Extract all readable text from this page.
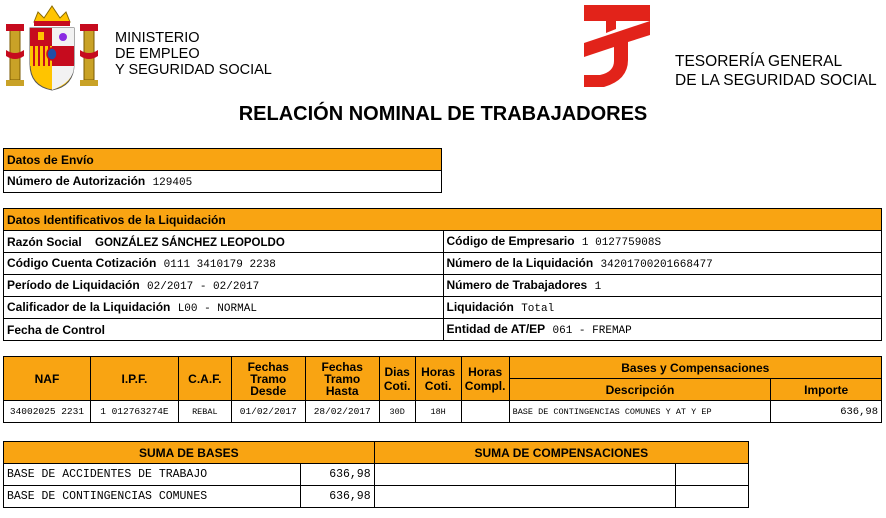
MINISTERIO
DE EMPLEO
Y SEGURIDAD SOCIAL	TESORERÍA GENERAL
DE LA SEGURIDAD SOCIAL
RELACIÓN NOMINAL DE TRABAJADORES
Datos de Envío
Número de Autorización 129405
Datos Identificativos de la Liquidación	
Razón Social GONZÁLEZ SÁNCHEZ LEOPOLDO	Código de Empresario 1 012775908S
Código Cuenta Cotización 0111 3410179 2238	Número de la Liquidación 34201700201668477
Período de Liquidación 02/2017 - 02/2017	Número de Trabajadores 1
Calificador de la Liquidación L00 - NORMAL	Liquidación Total
Fecha de Control	Entidad de AT/EP 061 - FREMAP
NAF	I.P.F.	C.A.F.	Fechas
Tramo
Desde	Fechas
Tramo
Hasta	Dias
Coti.	Horas
Coti.	Horas
Compl.	Bases y Compensaciones	
								Descripción	Importe
34002025 2231	1 012763274E	REBAL	01/02/2017	28/02/2017	30D	18H		BASE DE CONTINGENCIAS COMUNES Y AT Y EP	636,98
SUMA DE BASES		SUMA DE COMPENSACIONES	
BASE DE ACCIDENTES DE TRABAJO	636,98		
BASE DE CONTINGENCIAS COMUNES	636,98		
